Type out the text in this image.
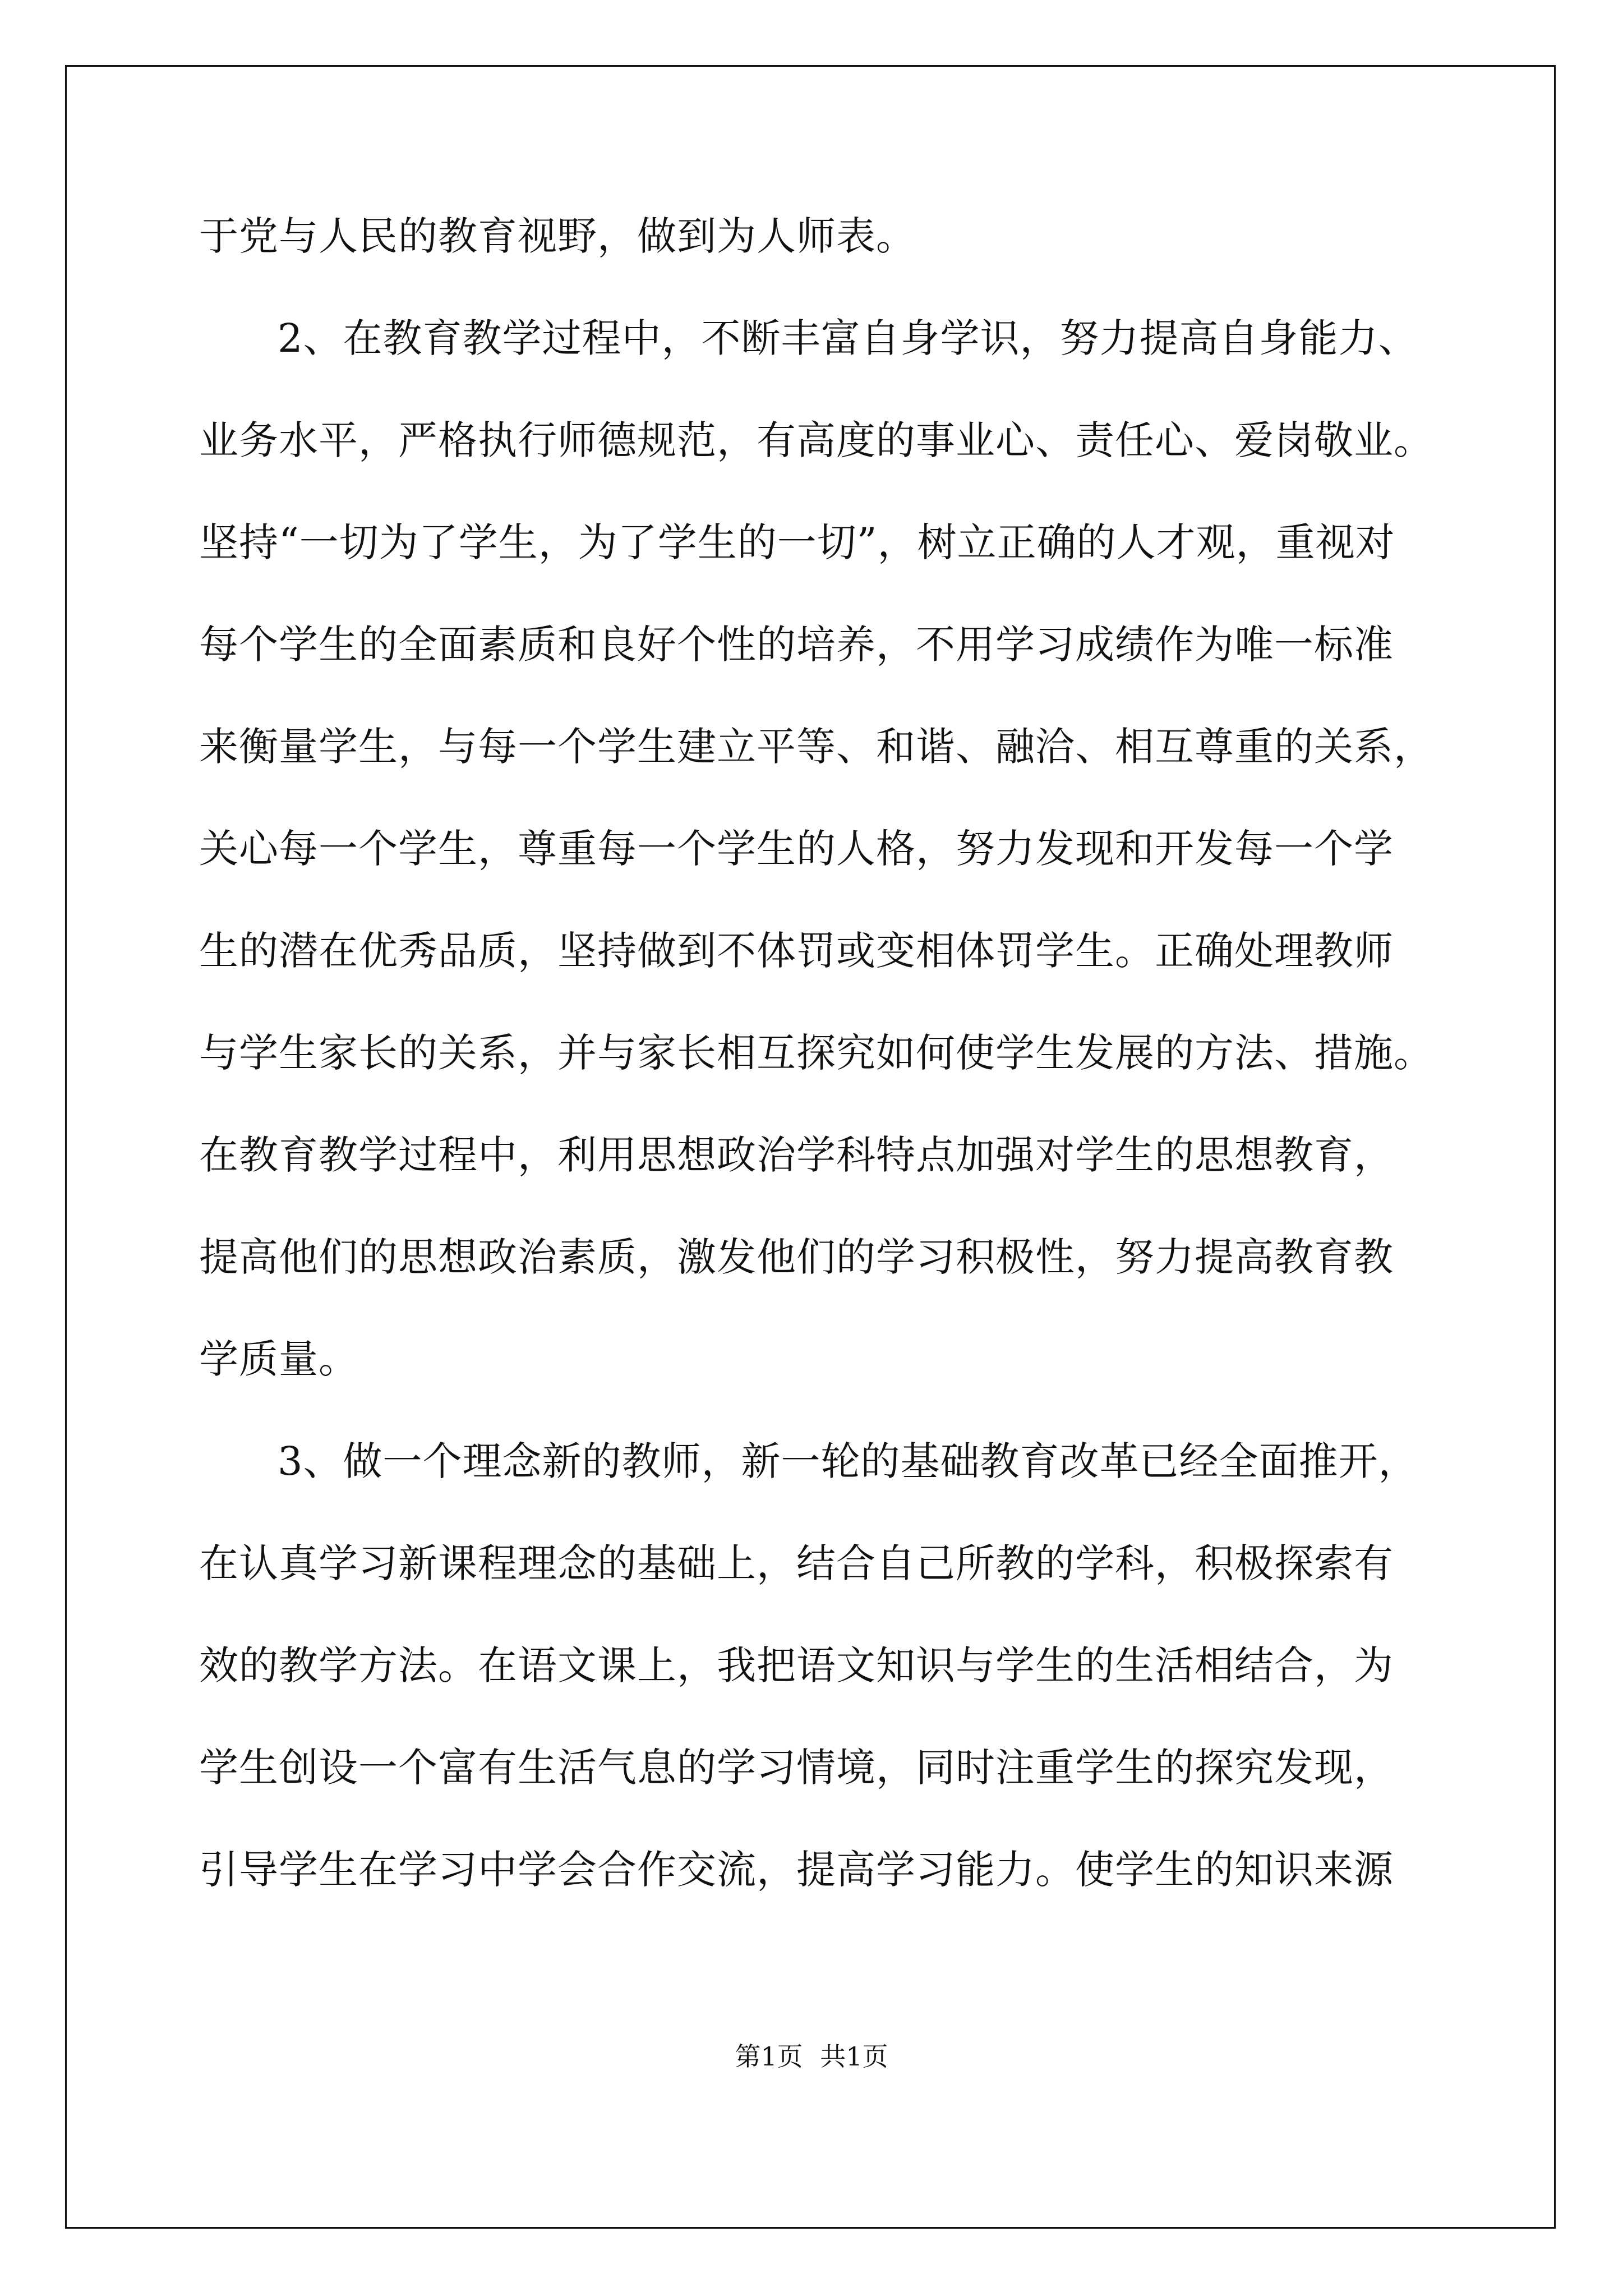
于党与人民的教育视野，做到为人师表。
2、在教育教学过程中，不断丰富自身学识，努力提高自身能力、
业务水平，严格执行师德规范，有高度的事业心、责任心、爱岗敬业。
坚持“一切为了学生，为了学生的一切”，树立正确的人才观，重视对
每个学生的全面素质和良好个性的培养，不用学习成绩作为唯一标准
来衡量学生，与每一个学生建立平等、和谐、融洽、相互尊重的关系，
关心每一个学生，尊重每一个学生的人格，努力发现和开发每一个学
生的潜在优秀品质，坚持做到不体罚或变相体罚学生。正确处理教师
与学生家长的关系，并与家长相互探究如何使学生发展的方法、措施。
在教育教学过程中，利用思想政治学科特点加强对学生的思想教育，
提高他们的思想政治素质，激发他们的学习积极性，努力提高教育教
学质量。
3、做一个理念新的教师，新一轮的基础教育改革已经全面推开，
在认真学习新课程理念的基础上，结合自己所教的学科，积极探索有
效的教学方法。在语文课上，我把语文知识与学生的生活相结合，为
学生创设一个富有生活气息的学习情境，同时注重学生的探究发现，
引导学生在学习中学会合作交流，提高学习能力。使学生的知识来源
第1页 共1页
